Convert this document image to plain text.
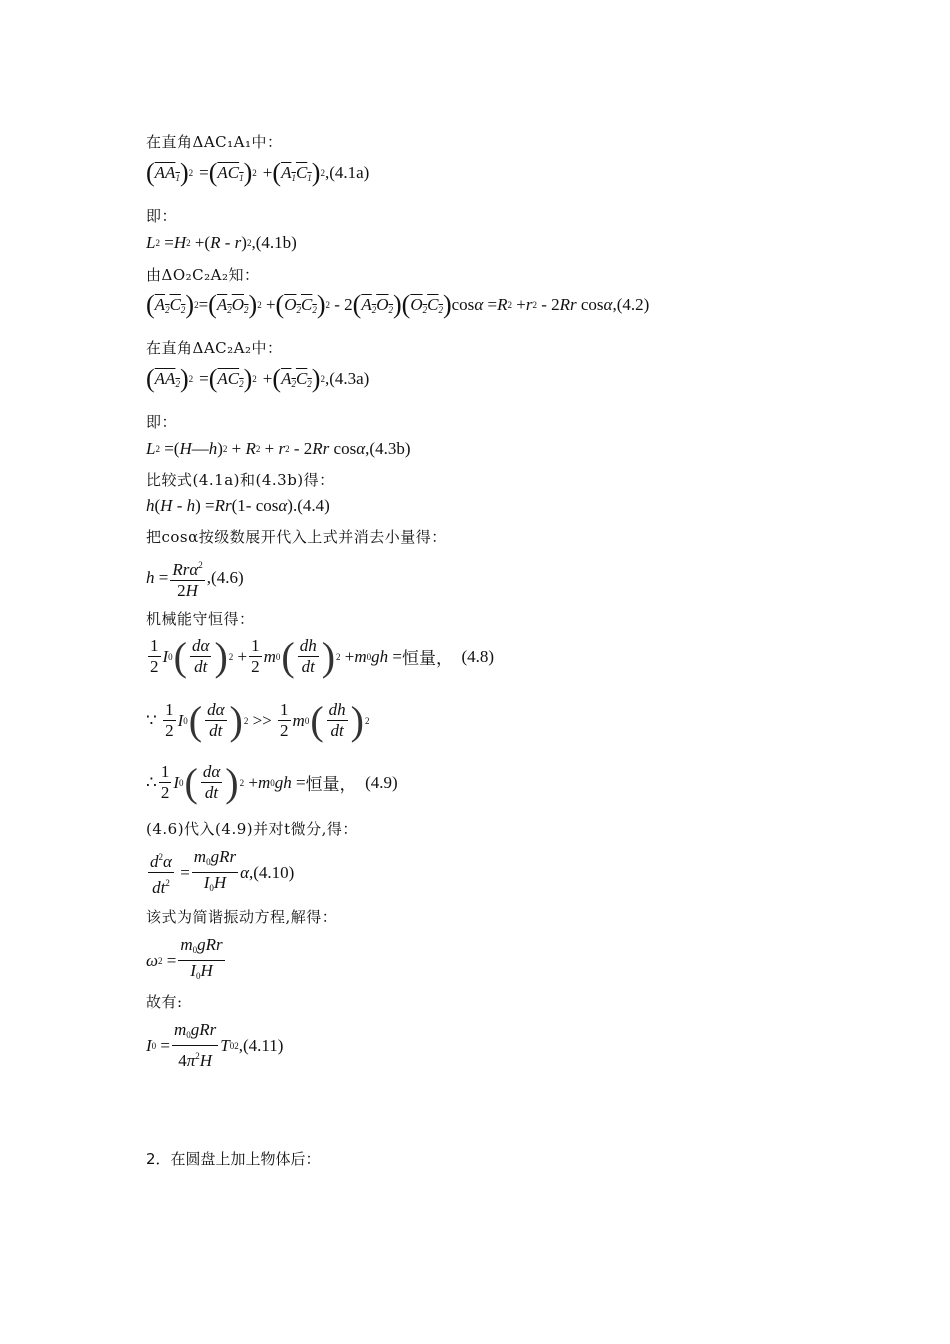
在直角ΔAC₁A₁中：
( $AA_1$ ) 2 = ( $AC_1$ ) 2 + ( $A_1C_1$ ) 2 , (4.1a)
即：
L 2 = H 2 +( R - r ) 2 , (4.1b)
由ΔO₂C₂A₂知：
( $A_2C_2$ ) 2 = ( $A_2O_2$ ) 2 + ( $O_2C_2$ ) 2 - 2 ( $A_2O_2$ )( $O_2C_2$ ) cos α = R 2 + r 2 - 2 Rr cos α , (4.2)
在直角ΔAC₂A₂中：
( $AA_2$ ) 2 = ( $AC_2$ ) 2 + ( $A_2C_2$ ) 2 , (4.3a)
即：
L 2 =( H — h ) 2 + R 2 + r 2 - 2 Rr cos α , (4.3b)
比较式(4.1a)和(4.3b)得：
h ( H - h ) = Rr (1- cos α ). (4.4)
把cosα按级数展开代入上式并消去小量得：
$h = \frac{Rr\alpha^2}{2H}$ , (4.6)
机械能守恒得：
$\frac{1}{2}$ I 0 ( $\frac{d\alpha}{dt}$ ) $2 + \frac{1}{2}$ m 0 ( $\frac{dh}{dt}$ ) 2 + m 0 gh = 恒量，
(4.8)
∵
$\frac{1}{2}$ I 0 ( $\frac{d\alpha}{dt}$ ) $2 >> \frac{1}{2}$ m 0 ( $\frac{dh}{dt}$ ) 2
∴ $\frac{1}{2}$ I 0 ( $\frac{d\alpha}{dt}$ ) 2 + m 0 gh = 恒量，
(4.9)
(4.6)代入(4.9)并对t微分,得：
$\frac{d^2\alpha}{dt^2} = \frac{m_0gRr}{I_0H}$ α , (4.10)
该式为简谐振动方程,解得：
ω $2 = \frac{m_0gRr}{I_0H}$
故有:
I $0 = \frac{m_0gRr}{4\pi^2H}$ T 0 2 , (4.11)
2．在圆盘上加上物体后：
